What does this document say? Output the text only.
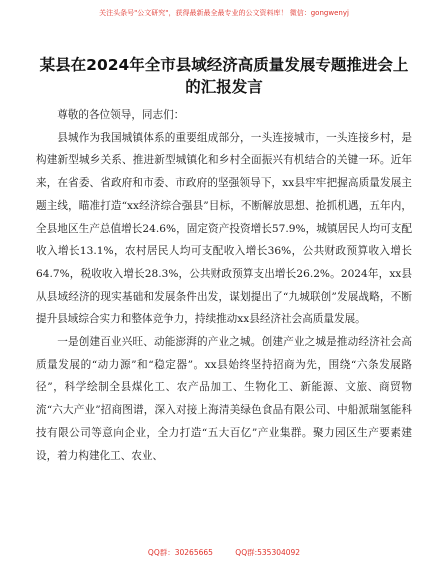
关注头条号"公文研究"，获得最新最全最专业的公文资料库！ 微信：gongwenyj
某县在2024年全市县域经济高质量发展专题推进会上的汇报发言

尊敬的各位领导，同志们：

县城作为我国城镇体系的重要组成部分，一头连接城市，一头连接乡村，是构建新型城乡关系、推进新型城镇化和乡村全面振兴有机结合的关键一环。近年来，在省委、省政府和市委、市政府的坚强领导下，xx县牢牢把握高质量发展主题主线，瞄准打造“xx经济综合强县”目标，不断解放思想、抢抓机遇，五年内，全县地区生产总值增长24.6%，固定资产投资增长57.9%，城镇居民人均可支配收入增长13.1%，农村居民人均可支配收入增长36%，公共财政预算收入增长64.7%，税收收入增长28.3%，公共财政预算支出增长26.2%。2024年，xx县从县域经济的现实基础和发展条件出发，谋划提出了“九城联创”发展战略，不断提升县域综合实力和整体竞争力，持续推动xx县经济社会高质量发展。

一是创建百业兴旺、动能澎湃的产业之城。创建产业之城是推动经济社会高质量发展的“动力源”和“稳定器”。xx县始终坚持招商为先，围绕“六条发展路径”，科学绘制全县煤化工、农产品加工、生物化工、新能源、文旅、商贸物流“六大产业”招商图谱，深入对接上海清美绿色食品有限公司、中船派瑞氢能科技有限公司等意向企业，全力打造“五大百亿”产业集群。聚力园区生产要素建设，着力构建化工、农业、

QQ群：30265665	QQ群:535304092
